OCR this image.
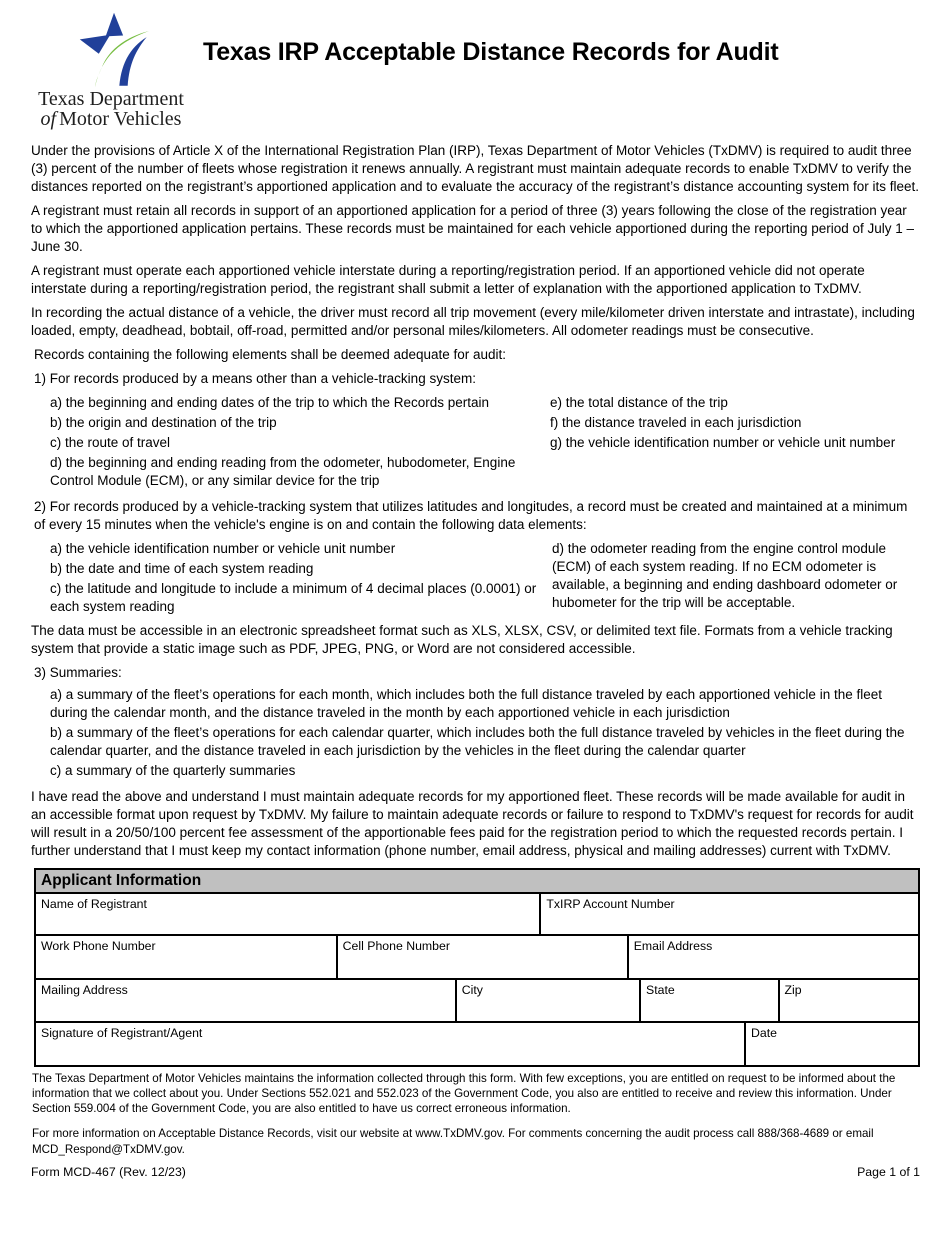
Texas Department
of Motor Vehicles
Texas IRP Acceptable Distance Records for Audit

Under the provisions of Article X of the International Registration Plan (IRP), Texas Department of Motor Vehicles (TxDMV) is required to audit three (3) percent of the number of fleets whose registration it renews annually. A registrant must maintain adequate records to enable TxDMV to verify the distances reported on the registrant’s apportioned application and to evaluate the accuracy of the registrant’s distance accounting system for its fleet.

A registrant must retain all records in support of an apportioned application for a period of three (3) years following the close of the registration year to which the apportioned application pertains. These records must be maintained for each vehicle apportioned during the reporting period of July 1 – June 30.

A registrant must operate each apportioned vehicle interstate during a reporting/registration period. If an apportioned vehicle did not operate interstate during a reporting/registration period, the registrant shall submit a letter of explanation with the apportioned application to TxDMV.

In recording the actual distance of a vehicle, the driver must record all trip movement (every mile/kilometer driven interstate and intrastate), including loaded, empty, deadhead, bobtail, off-road, permitted and/or personal miles/kilometers. All odometer readings must be consecutive.

Records containing the following elements shall be deemed adequate for audit:

1) For records produced by a means other than a vehicle-tracking system:

a) the beginning and ending dates of the trip to which the Records pertain

b) the origin and destination of the trip

c) the route of travel

d) the beginning and ending reading from the odometer, hubodometer, Engine Control Module (ECM), or any similar device for the trip

e) the total distance of the trip

f) the distance traveled in each jurisdiction

g) the vehicle identification number or vehicle unit number

2) For records produced by a vehicle-tracking system that utilizes latitudes and longitudes, a record must be created and maintained at a minimum of every 15 minutes when the vehicle's engine is on and contain the following data elements:

a) the vehicle identification number or vehicle unit number

b) the date and time of each system reading

c) the latitude and longitude to include a minimum of 4 decimal places (0.0001) or each system reading

d) the odometer reading from the engine control module (ECM) of each system reading. If no ECM odometer is available, a beginning and ending dashboard odometer or hubometer for the trip will be acceptable.

The data must be accessible in an electronic spreadsheet format such as XLS, XLSX, CSV, or delimited text file. Formats from a vehicle tracking system that provide a static image such as PDF, JPEG, PNG, or Word are not considered accessible.

3) Summaries:

a) a summary of the fleet’s operations for each month, which includes both the full distance traveled by each apportioned vehicle in the fleet during the calendar month, and the distance traveled in the month by each apportioned vehicle in each jurisdiction

b) a summary of the fleet’s operations for each calendar quarter, which includes both the full distance traveled by vehicles in the fleet during the calendar quarter, and the distance traveled in each jurisdiction by the vehicles in the fleet during the calendar quarter

c) a summary of the quarterly summaries

I have read the above and understand I must maintain adequate records for my apportioned fleet. These records will be made available for audit in an accessible format upon request by TxDMV. My failure to maintain adequate records or failure to respond to TxDMV's request for records for audit will result in a 20/50/100 percent fee assessment of the apportionable fees paid for the registration period to which the requested records pertain. I further understand that I must keep my contact information (phone number, email address, physical and mailing addresses) current with TxDMV.

Applicant Information
Name of Registrant	TxIRP Account Number
Work Phone Number	Cell Phone Number	Email Address
Mailing Address	City	State	Zip
Signature of Registrant/Agent	Date

The Texas Department of Motor Vehicles maintains the information collected through this form. With few exceptions, you are entitled on request to be informed about the information that we collect about you. Under Sections 552.021 and 552.023 of the Government Code, you also are entitled to receive and review this information. Under Section 559.004 of the Government Code, you are also entitled to have us correct erroneous information.

For more information on Acceptable Distance Records, visit our website at www.TxDMV.gov. For comments concerning the audit process call 888/368-4689 or email MCD_Respond@TxDMV.gov.

Form MCD-467 (Rev. 12/23)	Page 1 of 1
